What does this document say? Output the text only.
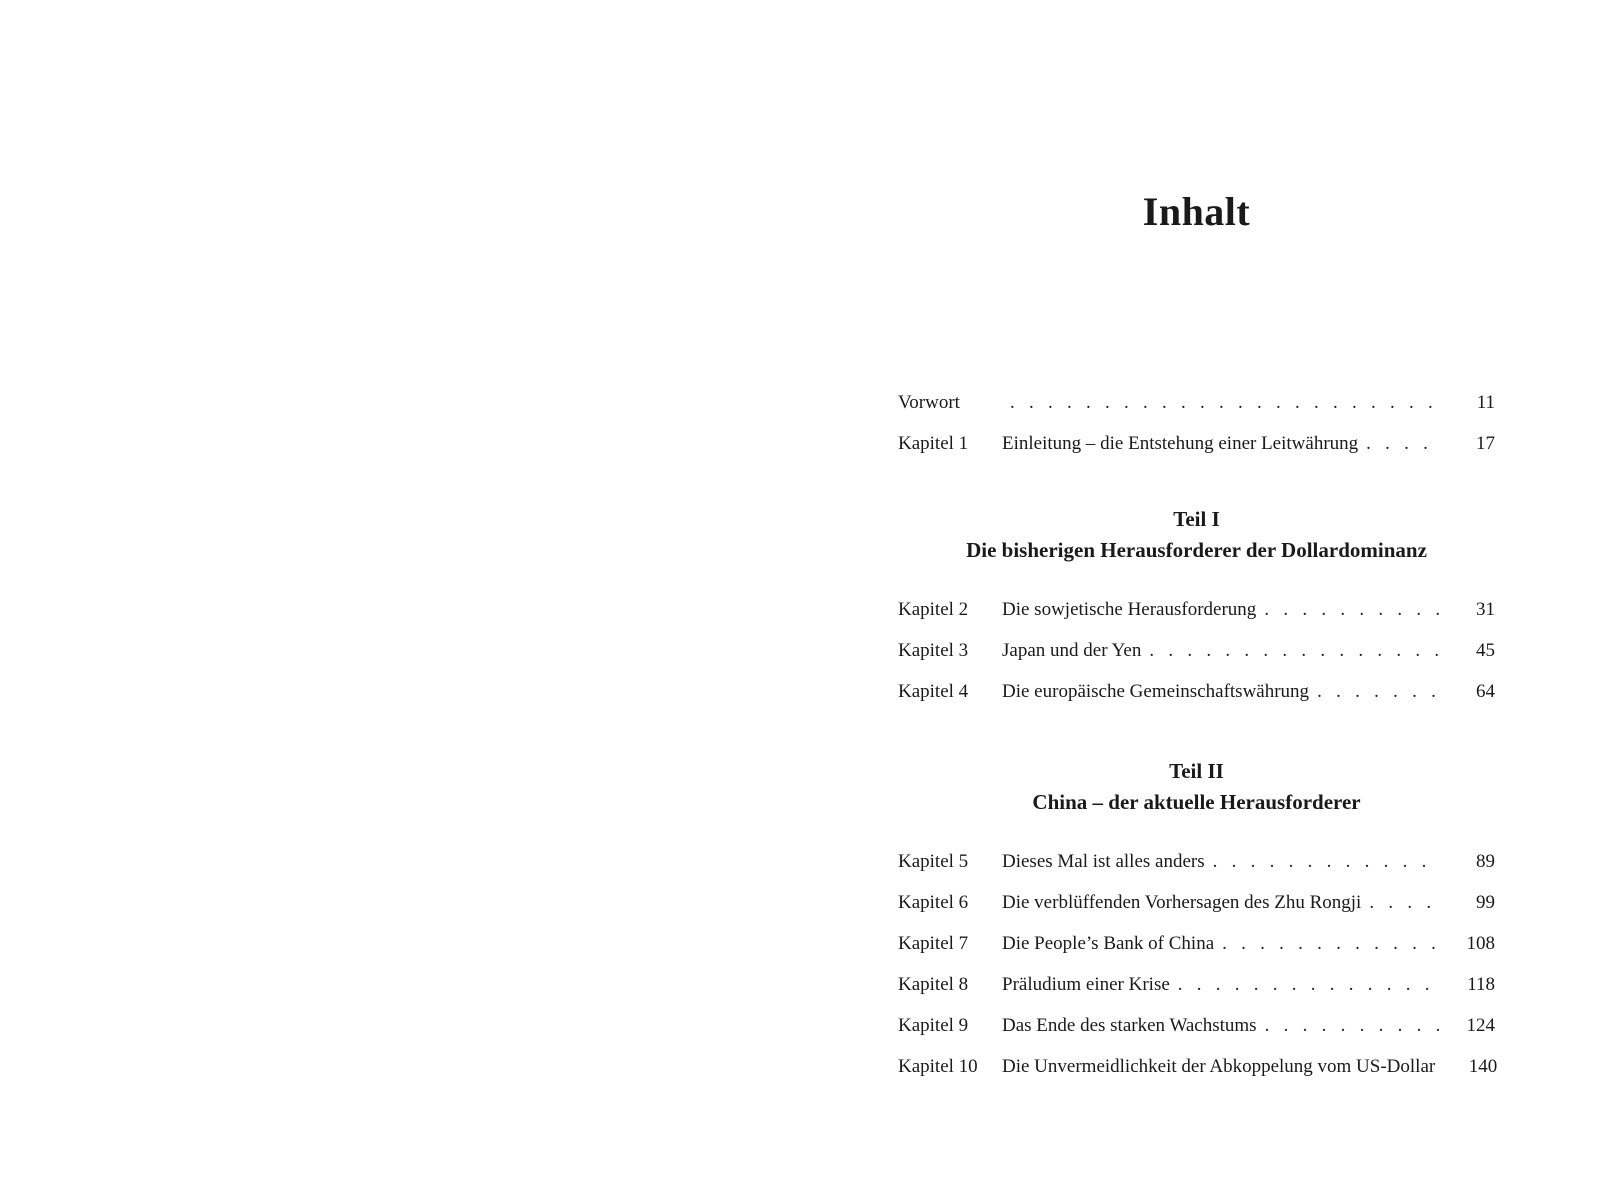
Inhalt
Vorwort . . .	11
Kapitel 1	Einleitung – die Entstehung einer Leitwährung . . .	17
Teil I
Die bisherigen Herausforderer der Dollardominanz
Kapitel 2	Die sowjetische Herausforderung . . .	31
Kapitel 3	Japan und der Yen . . .	45
Kapitel 4	Die europäische Gemeinschaftswährung . . .	64
Teil II
China – der aktuelle Herausforderer
Kapitel 5	Dieses Mal ist alles anders . . .	89
Kapitel 6	Die verblüffenden Vorhersagen des Zhu Rongji . . .	99
Kapitel 7	Die People’s Bank of China . . .	108
Kapitel 8	Präludium einer Krise . . .	118
Kapitel 9	Das Ende des starken Wachstums . . .	124
Kapitel 10	Die Unvermeidlichkeit der Abkoppelung vom US-Dollar	140
